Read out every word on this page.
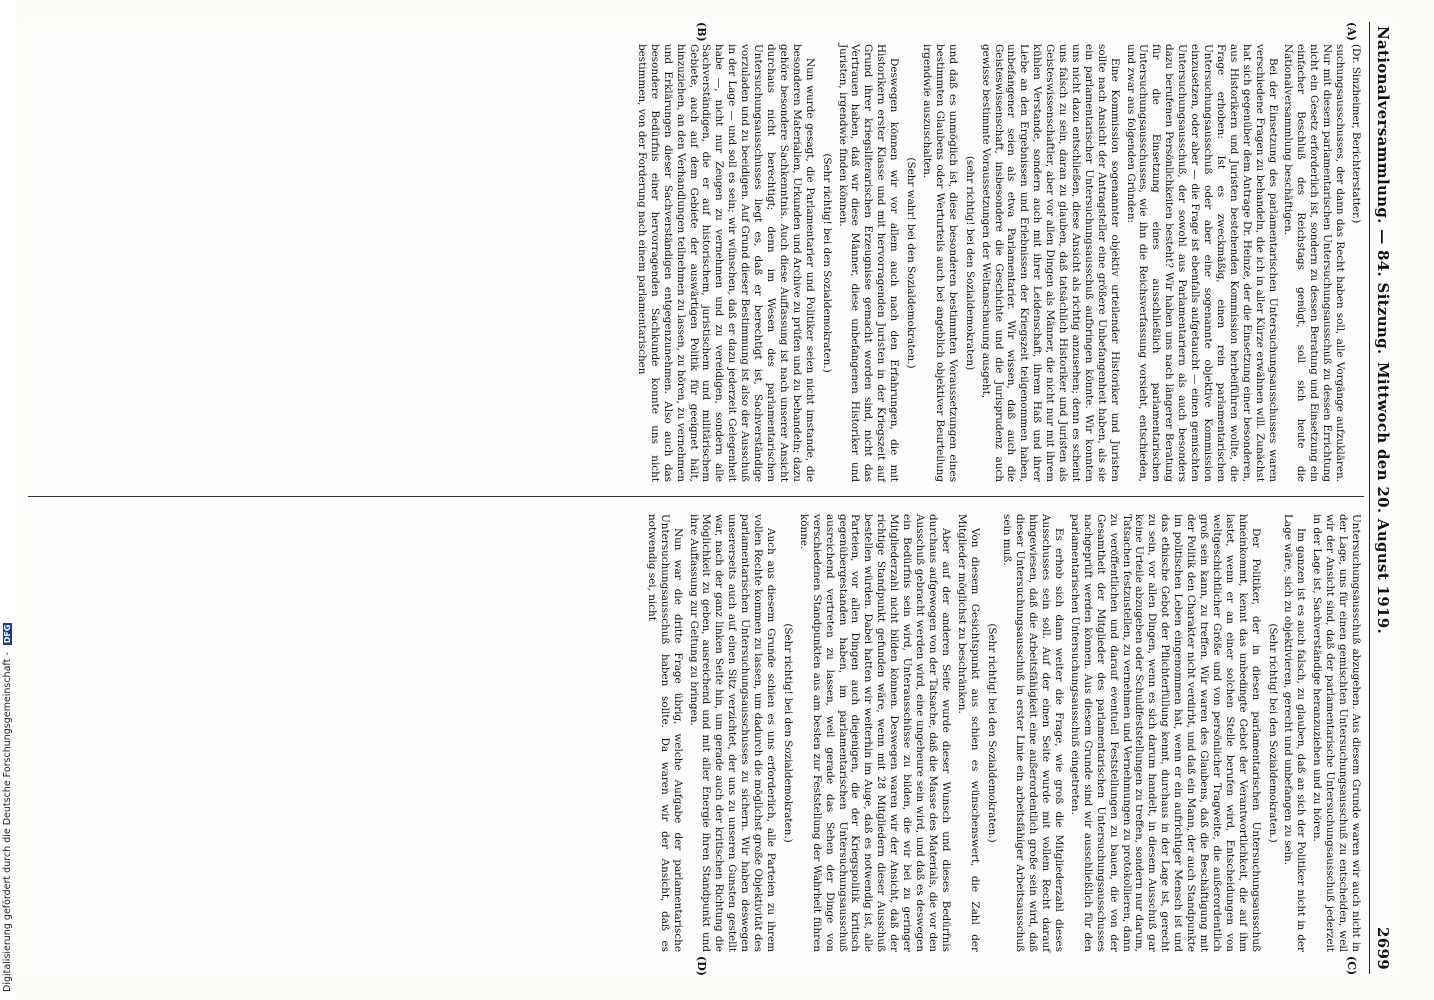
Nationalversammlung. — 84. Sitzung.
Mittwoch den 20. August 1919.
2699
(A)
(B)
(C)
(D)

(Dr. Sinzheimer, Berichterstatter.)

suchungsausschusses, der dann das Recht haben soll, alle Vorgänge aufzuklären. Nur mit diesem parlamentarischen Untersuchungsausschuß zu dessen Errichtung nicht ein Gesetz erforderlich ist, sondern zu dessen Beratung und Einsetzung ein einfacher Beschluß des Reichstags genügt, soll sich heute die Nationalversammlung beschäftigen.

Bei der Einsetzung des parlamentarischen Untersuchungsausschusses waren verschiedene Fragen zu behandeln, die ich in aller Kürze erwähnen will. Zunächst hat sich gegenüber dem Antrage Dr. Heinze, der die Einsetzung einer besonderen, aus Historikern und Juristen bestehenden Kommission herbeiführen wollte, die Frage erhoben: Ist es zweckmäßig, einen rein parlamentarischen Untersuchungsausschuß oder aber eine sogenannte objektive Kommission einzusetzen, oder aber — die Frage ist ebenfalls aufgetaucht — einen gemischten Untersuchungsausschuß, der sowohl aus Parlamentariern als auch besonders dazu berufenen Persönlichkeiten besteht? Wir haben uns nach längerer Beratung für die Einsetzung eines ausschließlich parlamentarischen Untersuchungsausschusses, wie ihn die Reichsverfassung vorsieht, entschieden, und zwar aus folgenden Gründen:

Eine Kommission sogenannter objektiv urteilender Historiker und Juristen sollte nach Ansicht der Antragsteller eine größere Unbefangenheit haben, als sie ein parlamentarischer Untersuchungsausschuß aufbringen könnte. Wir konnten uns nicht dazu entschließen, diese Ansicht als richtig anzusehen; denn es scheint uns falsch zu sein, daran zu glauben, daß tatsächlich Historiker und Juristen als Geisteswissenschaftler, aber vor allen Dingen als Männer, die nicht nur mit ihrem kühlen Verstande, sondern auch mit ihrer Leidenschaft, ihrem Haß und ihrer Liebe an den Ergebnissen und Erlebnissen der Kriegszeit teilgenommen haben, unbefangener seien als etwa Parlamentarier. Wir wissen, daß auch die Geisteswissenschaft, insbesondere die Geschichte und die Jurisprudenz auch gewisse bestimmte Voraussetzungen der Weltanschauung ausgeht,

(sehr richtig! bei den Sozialdemokraten)

und daß es unmöglich ist, diese besonderen bestimmten Voraussetzungen eines bestimmten Glaubens oder Werturteils auch bei angeblich objektiver Beurteilung irgendwie auszuschalten.

(Sehr wahr! bei den Sozialdemokraten.)

Deswegen können wir vor allem auch nach den Erfahrungen, die mit Historikern erster Klasse und mit hervorragenden Juristen in der Kriegszeit auf Grund ihrer kriegsliterarischen Erzeugnisse gemacht worden sind, nicht das Vertrauen haben, daß wir diese Männer, diese unbefangenen Historiker und Juristen, irgendwie finden können.

(Sehr richtig! bei den Sozialdemokraten.)

Nun wurde gesagt, die Parlamentarier und Politiker seien nicht imstande, die besonderen Materialien, Urkunden und Archive zu prüfen und zu behandeln; dazu gehöre besondere Sachkenntnis. Auch diese Auffassung ist nach unserer Ansicht durchaus nicht berechtigt; denn im Wesen des parlamentarischen Untersuchungsausschusses liegt es, daß er berechtigt ist, Sachverständige vorzuladen und zu beeidigen. Auf Grund dieser Bestimmung ist also der Ausschuß in der Lage — und soll es sein; wir wünschen, daß er dazu jederzeit Gelegenheit habe —, nicht nur Zeugen zu vernehmen und zu vereidigen, sondern alle Sachverständigen, die er auf historischem, juristischem und militärischem Gebiete, auch auf dem Gebiete der auswärtigen Politik für geeignet hält, hinzuziehen, an den Verhandlungen teilnehmen zu lassen, zu hören, zu vernehmen und Erklärungen dieser Sachverständigen entgegenzunehmen. Also auch das besondere Bedürfnis einer hervorragenden Sachkunde konnte uns nicht bestimmen, von der Forderung nach einem parlamentarischen

Untersuchungsausschuß abzugehen. Aus diesem Grunde waren wir auch nicht in der Lage, uns für einen gemischten Untersuchungsausschuß zu entscheiden, weil wir der Ansicht sind, daß der parlamentarische Untersuchungsausschuß jederzeit in der Lage ist, Sachverständige heranzuziehen und zu hören.

Im ganzen ist es auch falsch, zu glauben, daß an sich der Politiker nicht in der Lage wäre, sich zu objektivieren, gerecht und unbefangen zu sein.

(Sehr richtig! bei den Sozialdemokraten.)

Der Politiker, der in diesen parlamentarischen Untersuchungsausschuß hineinkommt, kennt das unbedingte Gebot der Verantwortlichkeit, die auf ihm lastet, wenn er an einer solchen Stelle berufen wird, Entscheidungen von weltgeschichtlicher Größe und von persönlicher Tragweite, die außerordentlich groß sein kann, zu treffen. Wir waren des Glaubens, daß die Beschäftigung mit der Politik den Charakter nicht verdirbt, und daß ein Mann, der auch Standpunkte im politischen Leben eingenommen hat, wenn er ein aufrichtiger Mensch ist und das ethische Gebot der Pflichterfüllung kennt, durchaus in der Lage ist, gerecht zu sein, vor allen Dingen, wenn es sich darum handelt, in diesem Ausschuß gar keine Urteile abzugeben oder Schuldfeststellungen zu treffen, sondern nur darum, Tatsachen festzustellen, zu vernehmen und Vernehmungen zu protokollieren, dann zu veröffentlichen und darauf eventuell Feststellungen zu bauen, die von der Gesamtheit der Mitglieder des parlamentarischen Untersuchungsausschusses nachgeprüft werden können. Aus diesem Grunde sind wir ausschließlich für den parlamentarischen Untersuchungsausschuß eingetreten.

Es erhob sich dann weiter die Frage, wie groß die Mitgliederzahl dieses Ausschusses sein soll. Auf der einen Seite wurde mit vollem Recht darauf hingewiesen, daß die Arbeitsfähigkeit eine außerordentlich große sein wird, daß dieser Untersuchungsausschuß in erster Linie ein arbeitsfähiger Arbeitsausschuß sein muß.

(Sehr richtig! bei den Sozialdemokraten.)

Von diesem Gesichtspunkt aus schien es wünschenswert, die Zahl der Mitglieder möglichst zu beschränken.

Aber auf der anderen Seite wurde dieser Wunsch und dieses Bedürfnis durchaus aufgewogen von der Tatsache, daß die Masse des Materials, die vor den Ausschuß gebracht werden wird, eine ungeheure sein wird, und daß es deswegen ein Bedürfnis sein wird, Unterausschüsse zu bilden, die wir bei zu geringer Mitgliederzahl nicht bilden können. Deswegen waren wir der Ansicht, daß der richtige Standpunkt gefunden wäre, wenn mit 28 Mitgliedern dieser Ausschuß bestellen würden. Dabei hatten wir weiterhin im Auge, daß es notwendig ist, alle Parteien, vor allen Dingen auch diejenigen, die der Kriegspolitik kritisch gegenübergestanden haben, im parlamentarischen Untersuchungsausschuß ausreichend vertreten zu lassen, weil gerade das Sehen der Dinge von verschiedenen Standpunkten aus am besten zur Feststellung der Wahrheit führen könne.

(Sehr richtig! bei den Sozialdemokraten.)

Auch aus diesem Grunde schien es uns erforderlich, alle Parteien zu ihrem vollen Rechte kommen zu lassen, um dadurch die möglichst große Objektivität des parlamentarischen Untersuchungsausschusses zu sichern. Wir haben deswegen unsererseits auch auf einen Sitz verzichtet, der uns zu unseren Gunsten gestellt war, nach der ganz linken Seite hin, um gerade auch der kritischen Richtung die Möglichkeit zu geben, ausreichend und mit aller Energie ihren Standpunkt und ihre Auffassung zur Geltung zu bringen.

Nun war die dritte Frage übrig, welche Aufgabe der parlamentarische Untersuchungsausschuß haben sollte. Da waren wir der Ansicht, daß es notwendig sei, nicht

Digitalisierung gefördert durch die Deutsche Forschungsgemeinschaft - DFG
